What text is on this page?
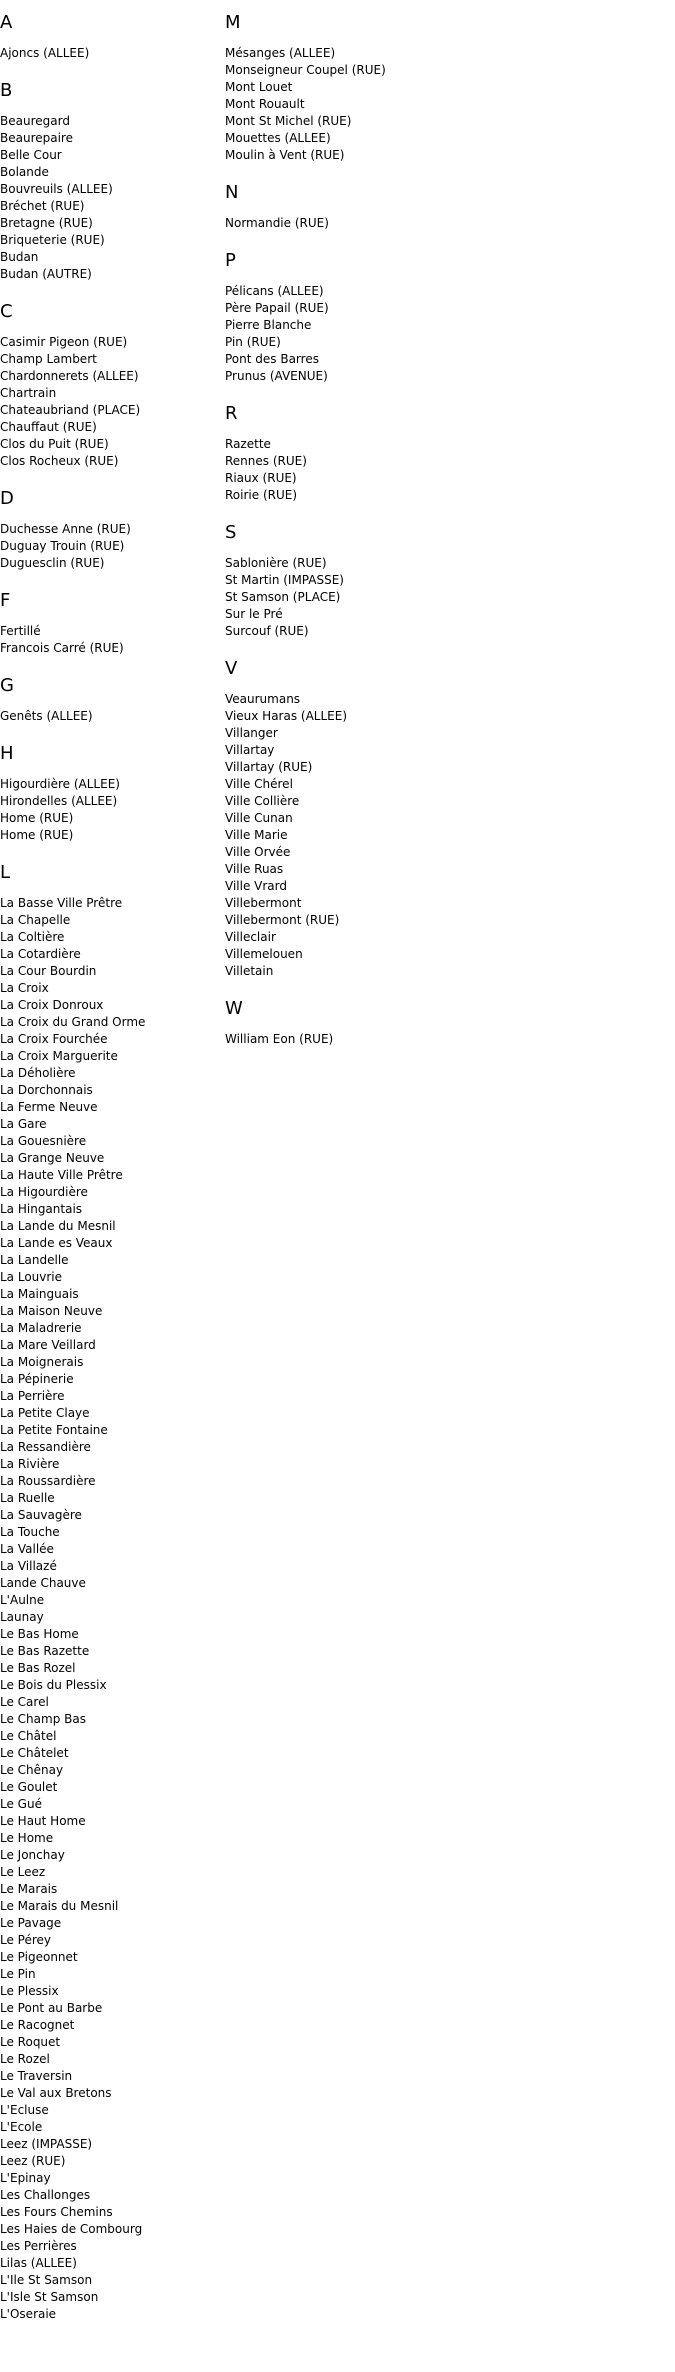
A
Ajoncs (ALLEE)
B
Beauregard
Beaurepaire
Belle Cour
Bolande
Bouvreuils (ALLEE)
Bréchet (RUE)
Bretagne (RUE)
Briqueterie (RUE)
Budan
Budan (AUTRE)
C
Casimir Pigeon (RUE)
Champ Lambert
Chardonnerets (ALLEE)
Chartrain
Chateaubriand (PLACE)
Chauffaut (RUE)
Clos du Puit (RUE)
Clos Rocheux (RUE)
D
Duchesse Anne (RUE)
Duguay Trouin (RUE)
Duguesclin (RUE)
F
Fertillé
Francois Carré (RUE)
G
Genêts (ALLEE)
H
Higourdière (ALLEE)
Hirondelles (ALLEE)
Home (RUE)
Home (RUE)
L
La Basse Ville Prêtre
La Chapelle
La Coltière
La Cotardière
La Cour Bourdin
La Croix
La Croix Donroux
La Croix du Grand Orme
La Croix Fourchée
La Croix Marguerite
La Déholière
La Dorchonnais
La Ferme Neuve
La Gare
La Gouesnière
La Grange Neuve
La Haute Ville Prêtre
La Higourdière
La Hingantais
La Lande du Mesnil
La Lande es Veaux
La Landelle
La Louvrie
La Mainguais
La Maison Neuve
La Maladrerie
La Mare Veillard
La Moignerais
La Pépinerie
La Perrière
La Petite Claye
La Petite Fontaine
La Ressandière
La Rivière
La Roussardière
La Ruelle
La Sauvagère
La Touche
La Vallée
La Villazé
Lande Chauve
L'Aulne
Launay
Le Bas Home
Le Bas Razette
Le Bas Rozel
Le Bois du Plessix
Le Carel
Le Champ Bas
Le Châtel
Le Châtelet
Le Chênay
Le Goulet
Le Gué
Le Haut Home
Le Home
Le Jonchay
Le Leez
Le Marais
Le Marais du Mesnil
Le Pavage
Le Pérey
Le Pigeonnet
Le Pin
Le Plessix
Le Pont au Barbe
Le Racognet
Le Roquet
Le Rozel
Le Traversin
Le Val aux Bretons
L'Ecluse
L'Ecole
Leez (IMPASSE)
Leez (RUE)
L'Epinay
Les Challonges
Les Fours Chemins
Les Haies de Combourg
Les Perrières
Lilas (ALLEE)
L'Ile St Samson
L'Isle St Samson
L'Oseraie
M
Mésanges (ALLEE)
Monseigneur Coupel (RUE)
Mont Louet
Mont Rouault
Mont St Michel (RUE)
Mouettes (ALLEE)
Moulin à Vent (RUE)
N
Normandie (RUE)
P
Pélicans (ALLEE)
Père Papail (RUE)
Pierre Blanche
Pin (RUE)
Pont des Barres
Prunus (AVENUE)
R
Razette
Rennes (RUE)
Riaux (RUE)
Roirie (RUE)
S
Sablonière (RUE)
St Martin (IMPASSE)
St Samson (PLACE)
Sur le Pré
Surcouf (RUE)
V
Veaurumans
Vieux Haras (ALLEE)
Villanger
Villartay
Villartay (RUE)
Ville Chérel
Ville Collière
Ville Cunan
Ville Marie
Ville Orvée
Ville Ruas
Ville Vrard
Villebermont
Villebermont (RUE)
Villeclair
Villemelouen
Villetain
W
William Eon (RUE)
